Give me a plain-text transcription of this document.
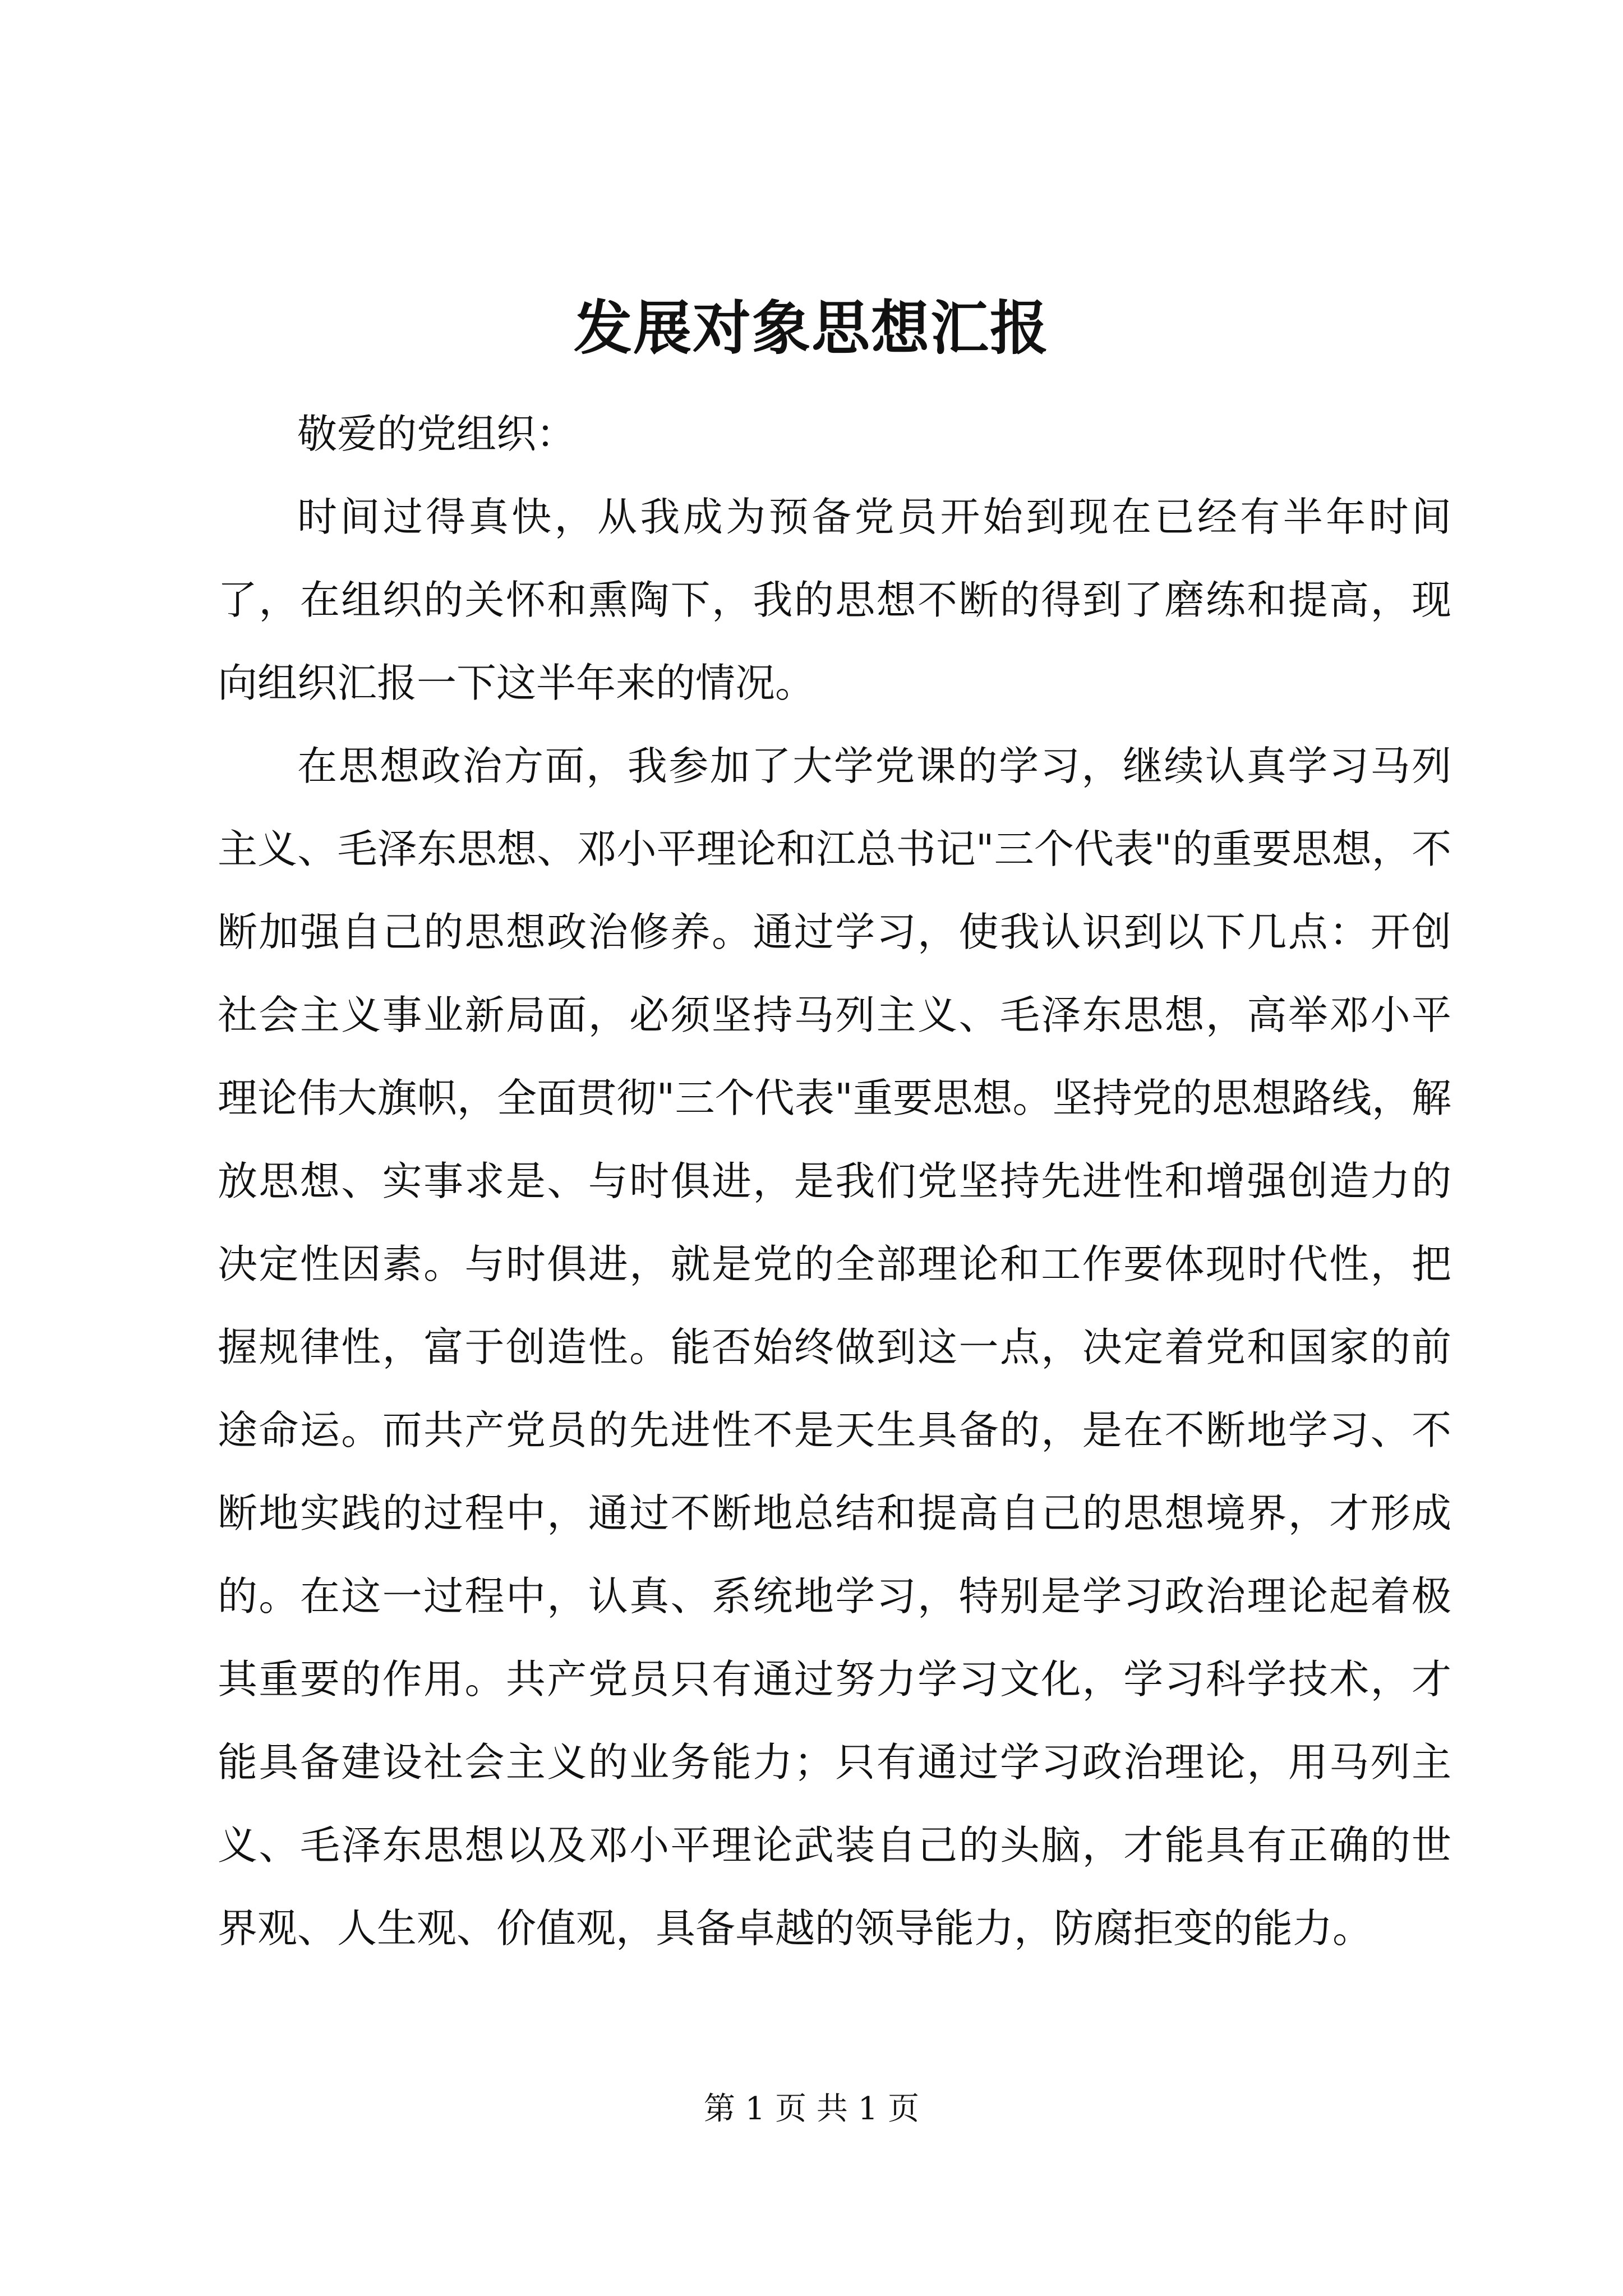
发展对象思想汇报

敬爱的党组织：

时间过得真快，从我成为预备党员开始到现在已经有半年时间了，在组织的关怀和熏陶下，我的思想不断的得到了磨练和提高，现向组织汇报一下这半年来的情况。

在思想政治方面，我参加了大学党课的学习，继续认真学习马列主义、毛泽东思想、邓小平理论和江总书记"三个代表"的重要思想，不断加强自己的思想政治修养。通过学习，使我认识到以下几点：开创社会主义事业新局面，必须坚持马列主义、毛泽东思想，高举邓小平理论伟大旗帜，全面贯彻"三个代表"重要思想。坚持党的思想路线，解放思想、实事求是、与时俱进，是我们党坚持先进性和增强创造力的决定性因素。与时俱进，就是党的全部理论和工作要体现时代性，把握规律性，富于创造性。能否始终做到这一点，决定着党和国家的前途命运。而共产党员的先进性不是天生具备的，是在不断地学习、不断地实践的过程中，通过不断地总结和提高自己的思想境界，才形成的。在这一过程中，认真、系统地学习，特别是学习政治理论起着极其重要的作用。共产党员只有通过努力学习文化，学习科学技术，才能具备建设社会主义的业务能力；只有通过学习政治理论，用马列主义、毛泽东思想以及邓小平理论武装自己的头脑，才能具有正确的世界观、人生观、价值观，具备卓越的领导能力，防腐拒变的能力。

第 1 页 共 1 页
